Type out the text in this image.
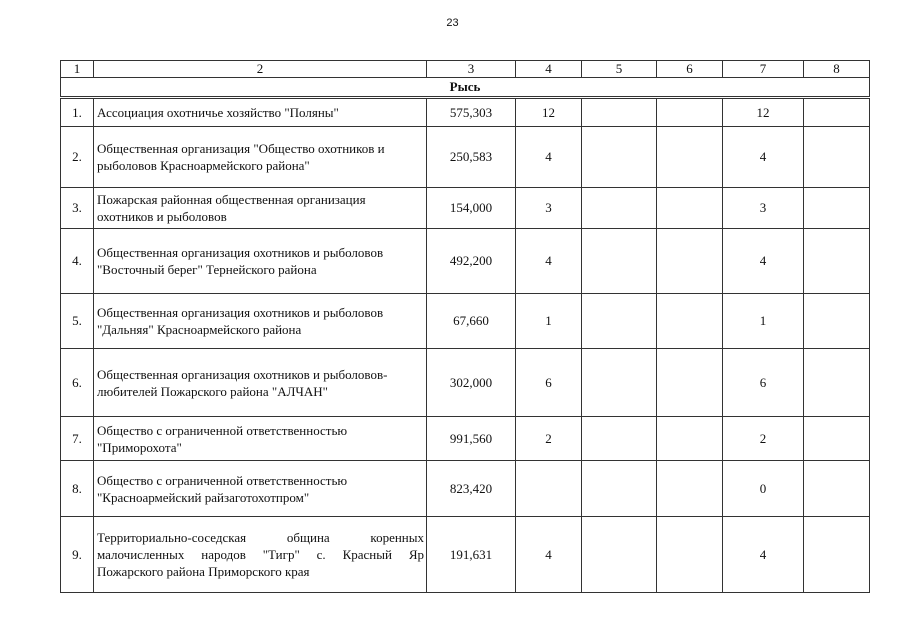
23
1	2	3	4	5	6	7	8
Рысь							
1.	Ассоциация охотничье хозяйство "Поляны"	575,303	12			12	
2.	Общественная организация "Общество охотников и рыболовов Красноармейского района"	250,583	4			4	
3.	Пожарская районная общественная организация охотников и рыболовов	154,000	3			3	
4.	Общественная организация охотников и рыболовов "Восточный берег" Тернейского района	492,200	4			4	
5.	Общественная организация охотников и рыболовов "Дальняя" Красноармейского района	67,660	1			1	
6.	Общественная организация охотников и рыболовов-любителей Пожарского района "АЛЧАН"	302,000	6			6	
7.	Общество с ограниченной ответственностью "Приморохота"	991,560	2			2	
8.	Общество с ограниченной ответственностью "Красноармейский райзаготохотпром"	823,420				0	
9.	Территориально-соседская община коренных малочисленных народов "Тигр" с. Красный Яр Пожарского района Приморского края	191,631	4			4	
